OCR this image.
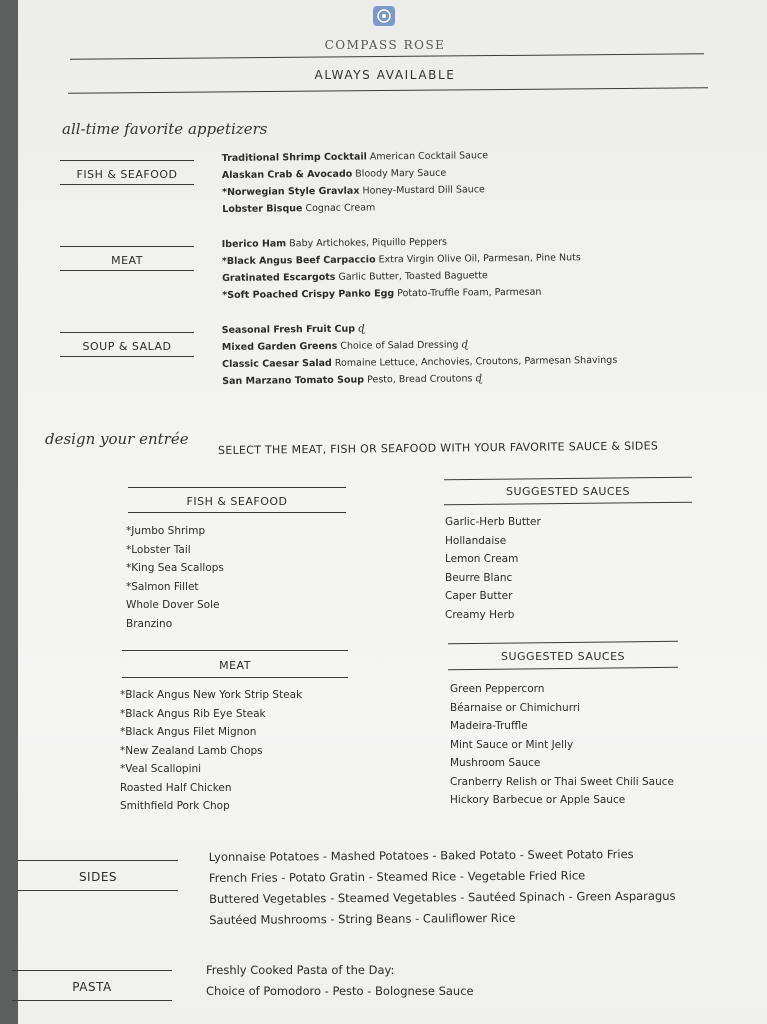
COMPASS ROSE
ALWAYS AVAILABLE
all-time favorite appetizers
FISH & SEAFOOD
Traditional Shrimp Cocktail American Cocktail Sauce
Alaskan Crab & Avocado Bloody Mary Sauce
*Norwegian Style Gravlax Honey-Mustard Dill Sauce
Lobster Bisque Cognac Cream
MEAT
Iberico Ham Baby Artichokes, Piquillo Peppers
*Black Angus Beef Carpaccio Extra Virgin Olive Oil, Parmesan, Pine Nuts
Gratinated Escargots Garlic Butter, Toasted Baguette
*Soft Poached Crispy Panko Egg Potato-Truffle Foam, Parmesan
SOUP & SALAD
Seasonal Fresh Fruit Cup ɖ
Mixed Garden Greens Choice of Salad Dressing ɖ
Classic Caesar Salad Romaine Lettuce, Anchovies, Croutons, Parmesan Shavings
San Marzano Tomato Soup Pesto, Bread Croutons ɖ
design your entrée
SELECT THE MEAT, FISH OR SEAFOOD WITH YOUR FAVORITE SAUCE & SIDES
FISH & SEAFOOD
*Jumbo Shrimp
*Lobster Tail
*King Sea Scallops
*Salmon Fillet
Whole Dover Sole
Branzino
SUGGESTED SAUCES
Garlic-Herb Butter
Hollandaise
Lemon Cream
Beurre Blanc
Caper Butter
Creamy Herb
MEAT
*Black Angus New York Strip Steak
*Black Angus Rib Eye Steak
*Black Angus Filet Mignon
*New Zealand Lamb Chops
*Veal Scallopini
Roasted Half Chicken
Smithfield Pork Chop
SUGGESTED SAUCES
Green Peppercorn
Béarnaise or Chimichurri
Madeira-Truffle
Mint Sauce or Mint Jelly
Mushroom Sauce
Cranberry Relish or Thai Sweet Chili Sauce
Hickory Barbecue or Apple Sauce
SIDES
Lyonnaise Potatoes - Mashed Potatoes - Baked Potato - Sweet Potato Fries
French Fries - Potato Gratin - Steamed Rice - Vegetable Fried Rice
Buttered Vegetables - Steamed Vegetables - Sautéed Spinach - Green Asparagus
Sautéed Mushrooms - String Beans - Cauliflower Rice
PASTA
Freshly Cooked Pasta of the Day:
Choice of Pomodoro - Pesto - Bolognese Sauce
